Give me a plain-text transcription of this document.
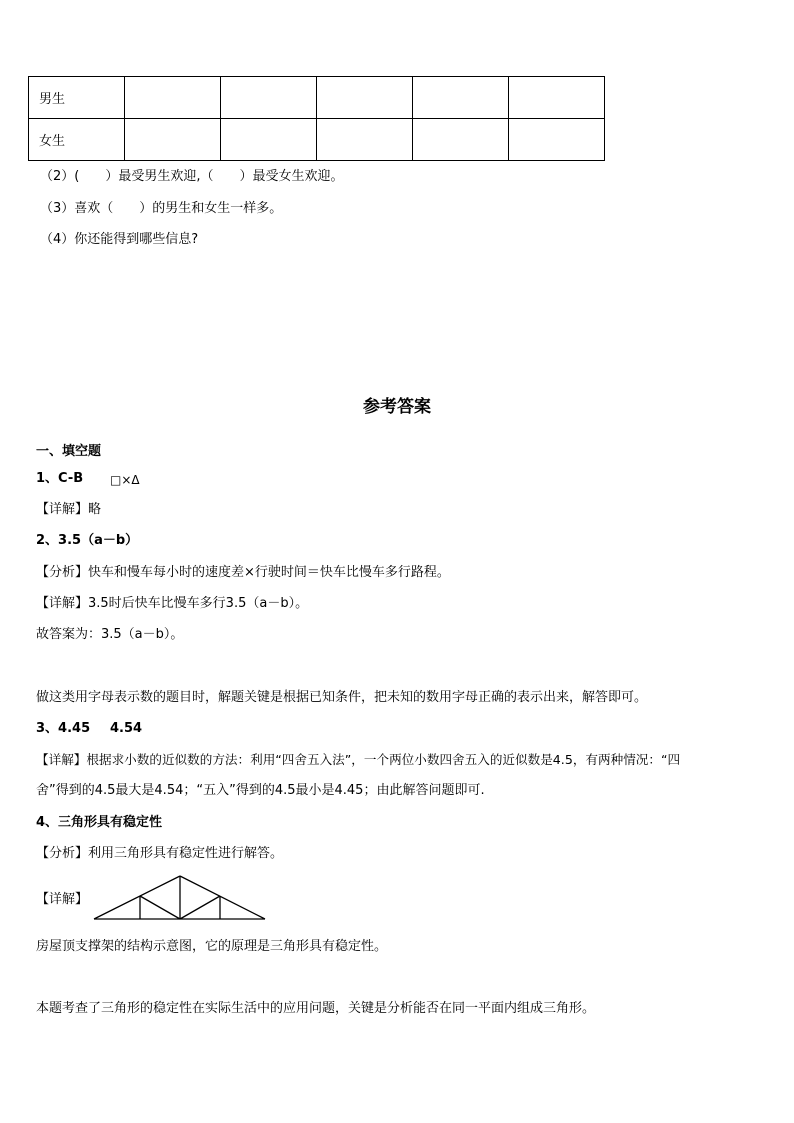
男生					
女生					
（2）(　　）最受男生欢迎,（　　）最受女生欢迎。
（3）喜欢（　　）的男生和女生一样多。
（4）你还能得到哪些信息?
参考答案
一、填空题
1、C-B □×Δ
【详解】略
2、3.5（a－b）
【分析】快车和慢车每小时的速度差×行驶时间＝快车比慢车多行路程。
【详解】3.5时后快车比慢车多行3.5（a－b）。
故答案为：3.5（a－b）。
做这类用字母表示数的题目时，解题关键是根据已知条件，把未知的数用字母正确的表示出来，解答即可。
3、4.45 4.54
【详解】根据求小数的近似数的方法：利用“四舍五入法”，一个两位小数四舍五入的近似数是4.5，有两种情况：“四
舍”得到的4.5最大是4.54；“五入”得到的4.5最小是4.45；由此解答问题即可.
4、三角形具有稳定性
【分析】利用三角形具有稳定性进行解答。
【详解】
房屋顶支撑架的结构示意图，它的原理是三角形具有稳定性。
本题考查了三角形的稳定性在实际生活中的应用问题，关键是分析能否在同一平面内组成三角形。
